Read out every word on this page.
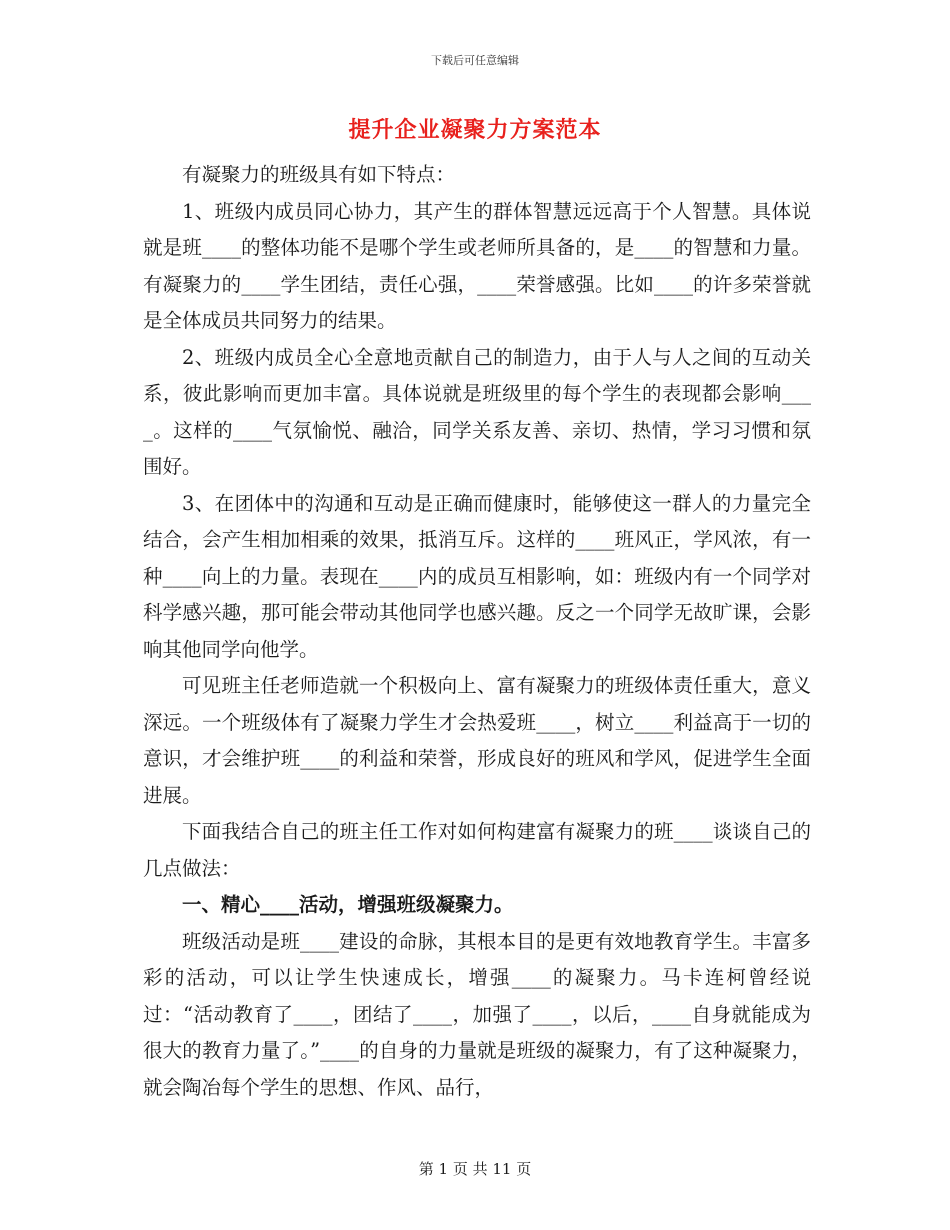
下载后可任意编辑
提升企业凝聚力方案范本

有凝聚力的班级具有如下特点：

1、班级内成员同心协力，其产生的群体智慧远远高于个人智慧。具体说就是班____的整体功能不是哪个学生或老师所具备的，是____的智慧和力量。有凝聚力的____学生团结，责任心强，____荣誉感强。比如____的许多荣誉就是全体成员共同努力的结果。

2、班级内成员全心全意地贡献自己的制造力，由于人与人之间的互动关系，彼此影响而更加丰富。具体说就是班级里的每个学生的表现都会影响____。这样的____气氛愉悦、融洽，同学关系友善、亲切、热情，学习习惯和氛围好。

3、在团体中的沟通和互动是正确而健康时，能够使这一群人的力量完全结合，会产生相加相乘的效果，抵消互斥。这样的____班风正，学风浓，有一种____向上的力量。表现在____内的成员互相影响，如：班级内有一个同学对科学感兴趣，那可能会带动其他同学也感兴趣。反之一个同学无故旷课，会影响其他同学向他学。

可见班主任老师造就一个积极向上、富有凝聚力的班级体责任重大，意义深远。一个班级体有了凝聚力学生才会热爱班____，树立____利益高于一切的意识，才会维护班____的利益和荣誉，形成良好的班风和学风，促进学生全面进展。

下面我结合自己的班主任工作对如何构建富有凝聚力的班____谈谈自己的几点做法：

一、精心____活动，增强班级凝聚力。

班级活动是班____建设的命脉，其根本目的是更有效地教育学生。丰富多彩的活动，可以让学生快速成长，增强____的凝聚力。马卡连柯曾经说过：“活动教育了____，团结了____，加强了____，以后，____自身就能成为很大的教育力量了。”____的自身的力量就是班级的凝聚力，有了这种凝聚力，就会陶冶每个学生的思想、作风、品行，

第 1 页 共 11 页
